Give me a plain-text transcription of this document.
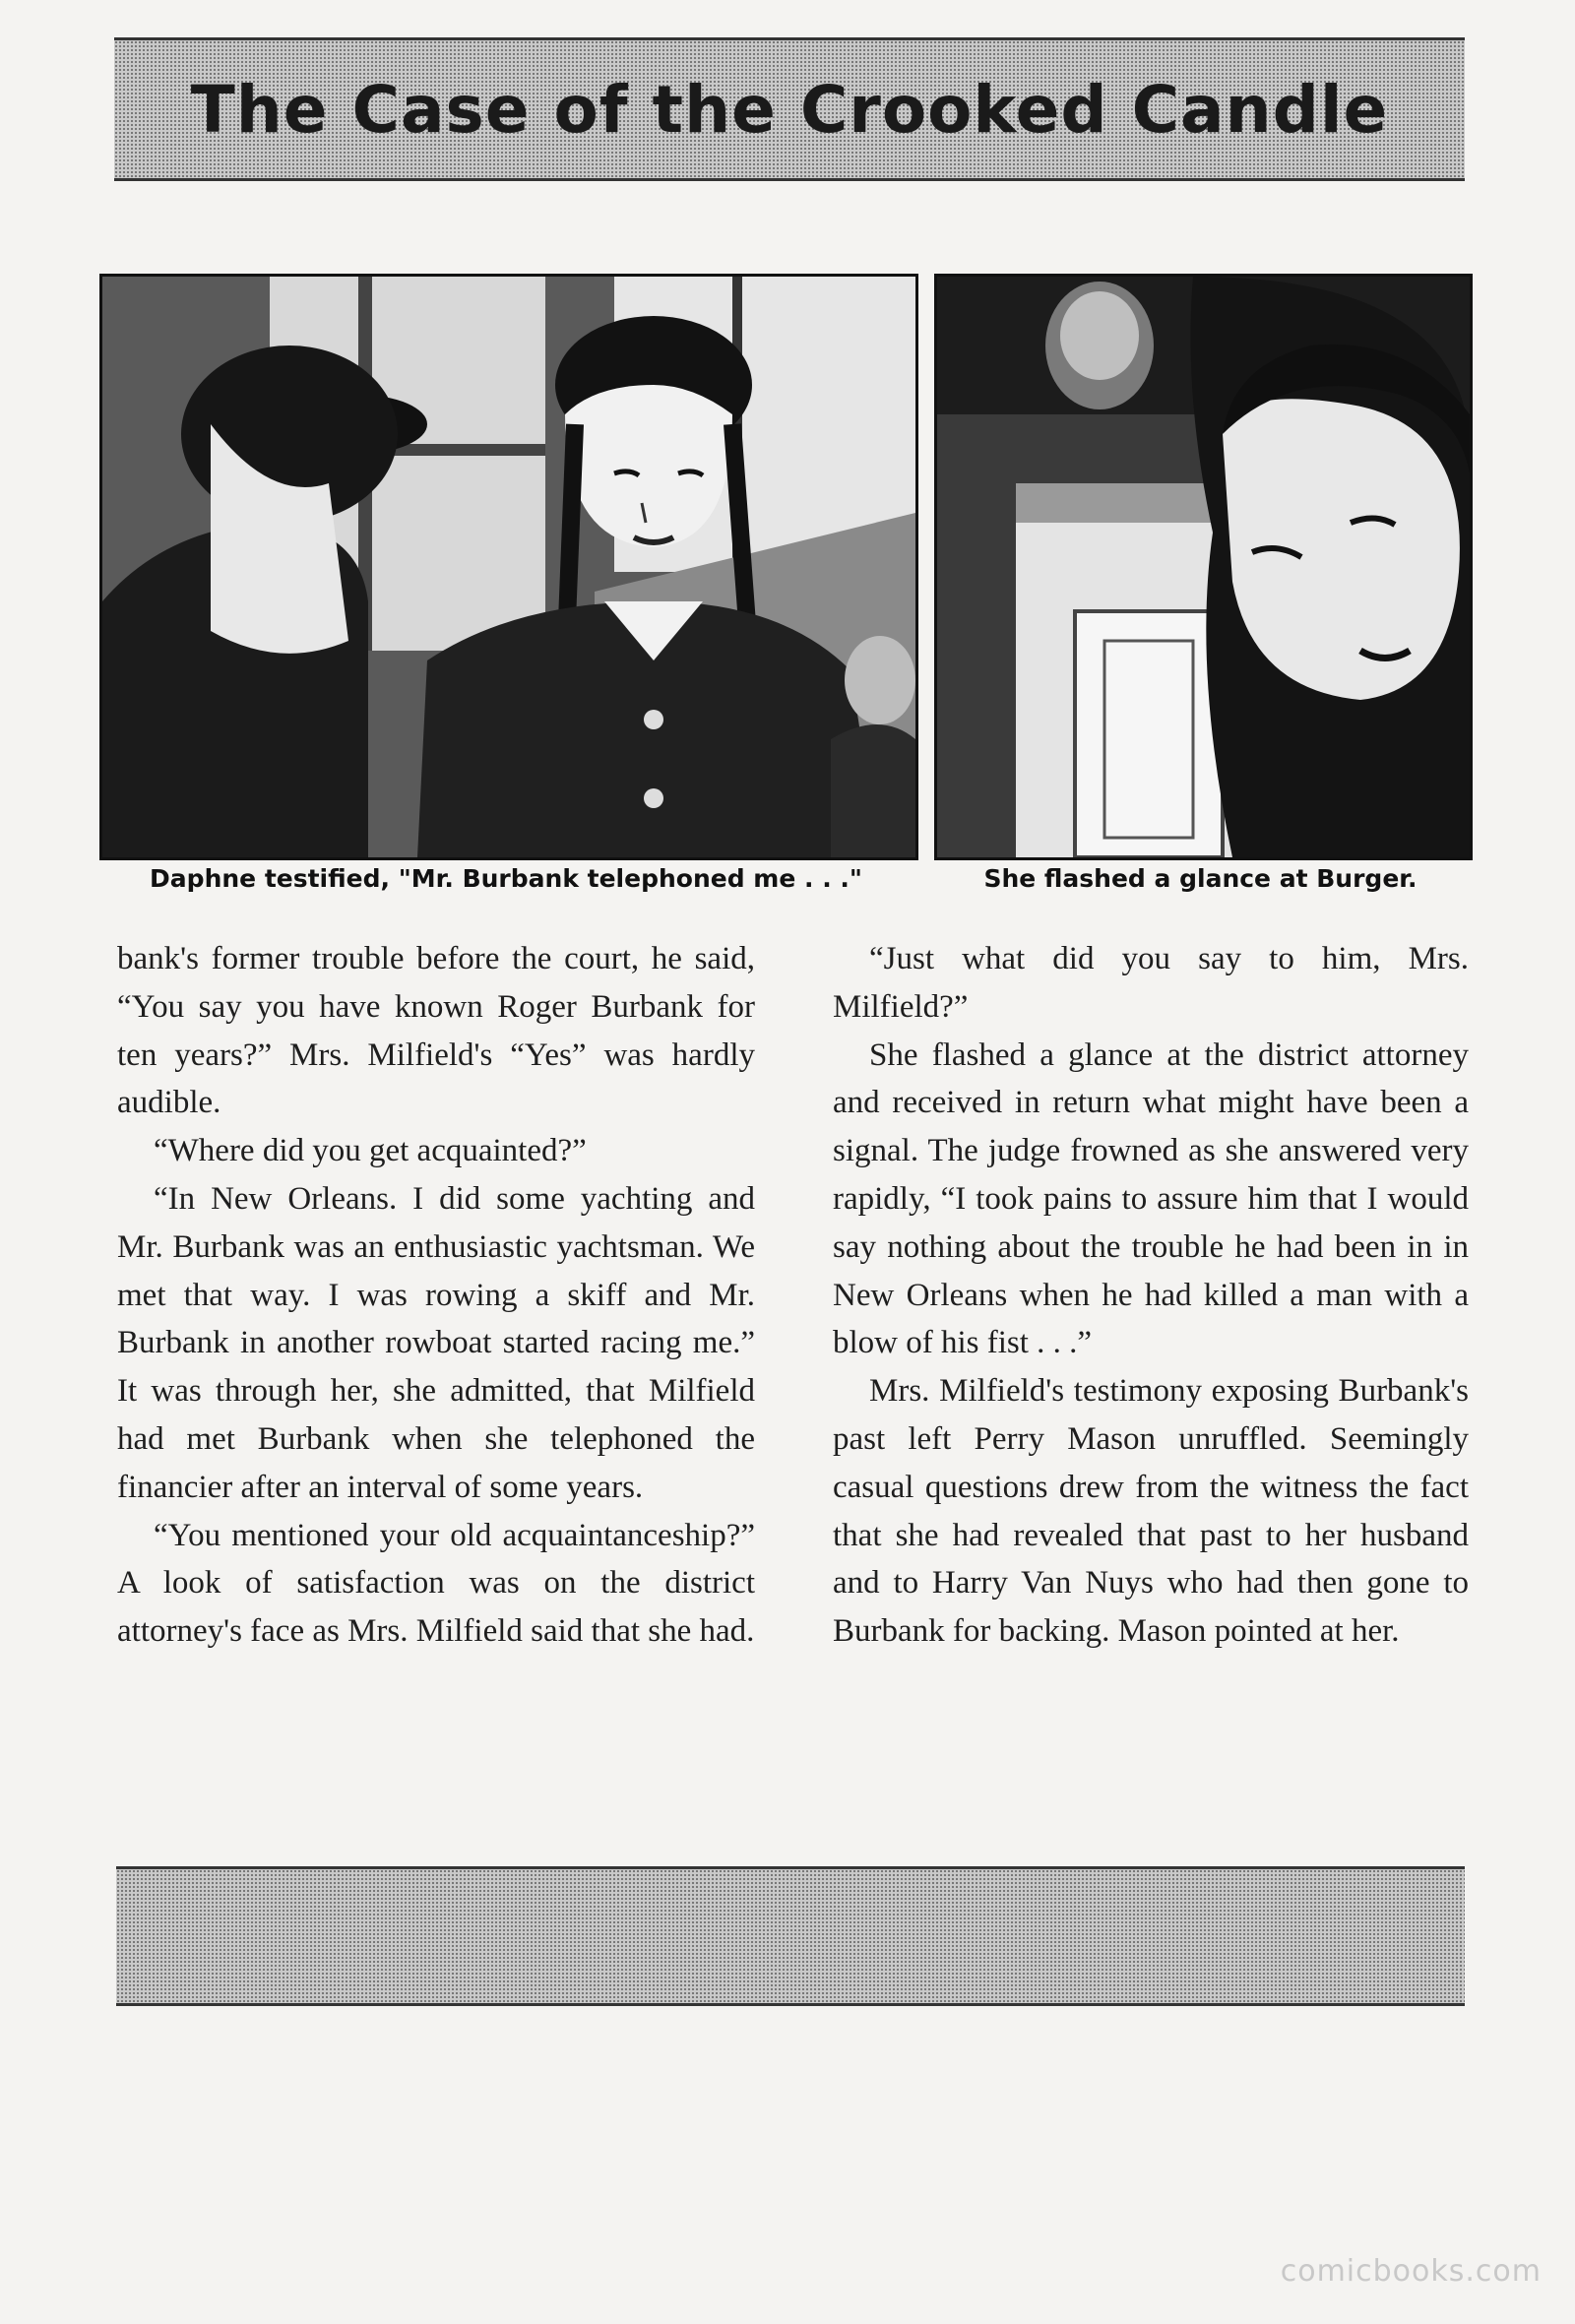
The Case of the Crooked Candle
Daphne testified, "Mr. Burbank telephoned me . . ."	She flashed a glance at Burger.

bank's former trouble before the court, he said, “You say you have known Roger Burbank for ten years?” Mrs. Milfield's “Yes” was hardly audible.

“Where did you get acquainted?”

“In New Orleans. I did some yachting and Mr. Burbank was an enthusiastic yachtsman. We met that way. I was rowing a skiff and Mr. Burbank in another rowboat started racing me.” It was through her, she admitted, that Milfield had met Burbank when she telephoned the financier after an interval of some years.

“You mentioned your old acquaintanceship?” A look of satisfaction was on the district attorney's face as Mrs. Milfield said that she had.

“Just what did you say to him, Mrs. Milfield?”

She flashed a glance at the district attorney and received in return what might have been a signal. The judge frowned as she answered very rapidly, “I took pains to assure him that I would say nothing about the trouble he had been in in New Orleans when he had killed a man with a blow of his fist . . .”

Mrs. Milfield's testimony exposing Burbank's past left Perry Mason unruffled. Seemingly casual questions drew from the witness the fact that she had revealed that past to her husband and to Harry Van Nuys who had then gone to Burbank for backing. Mason pointed at her.

comicbooks.com
